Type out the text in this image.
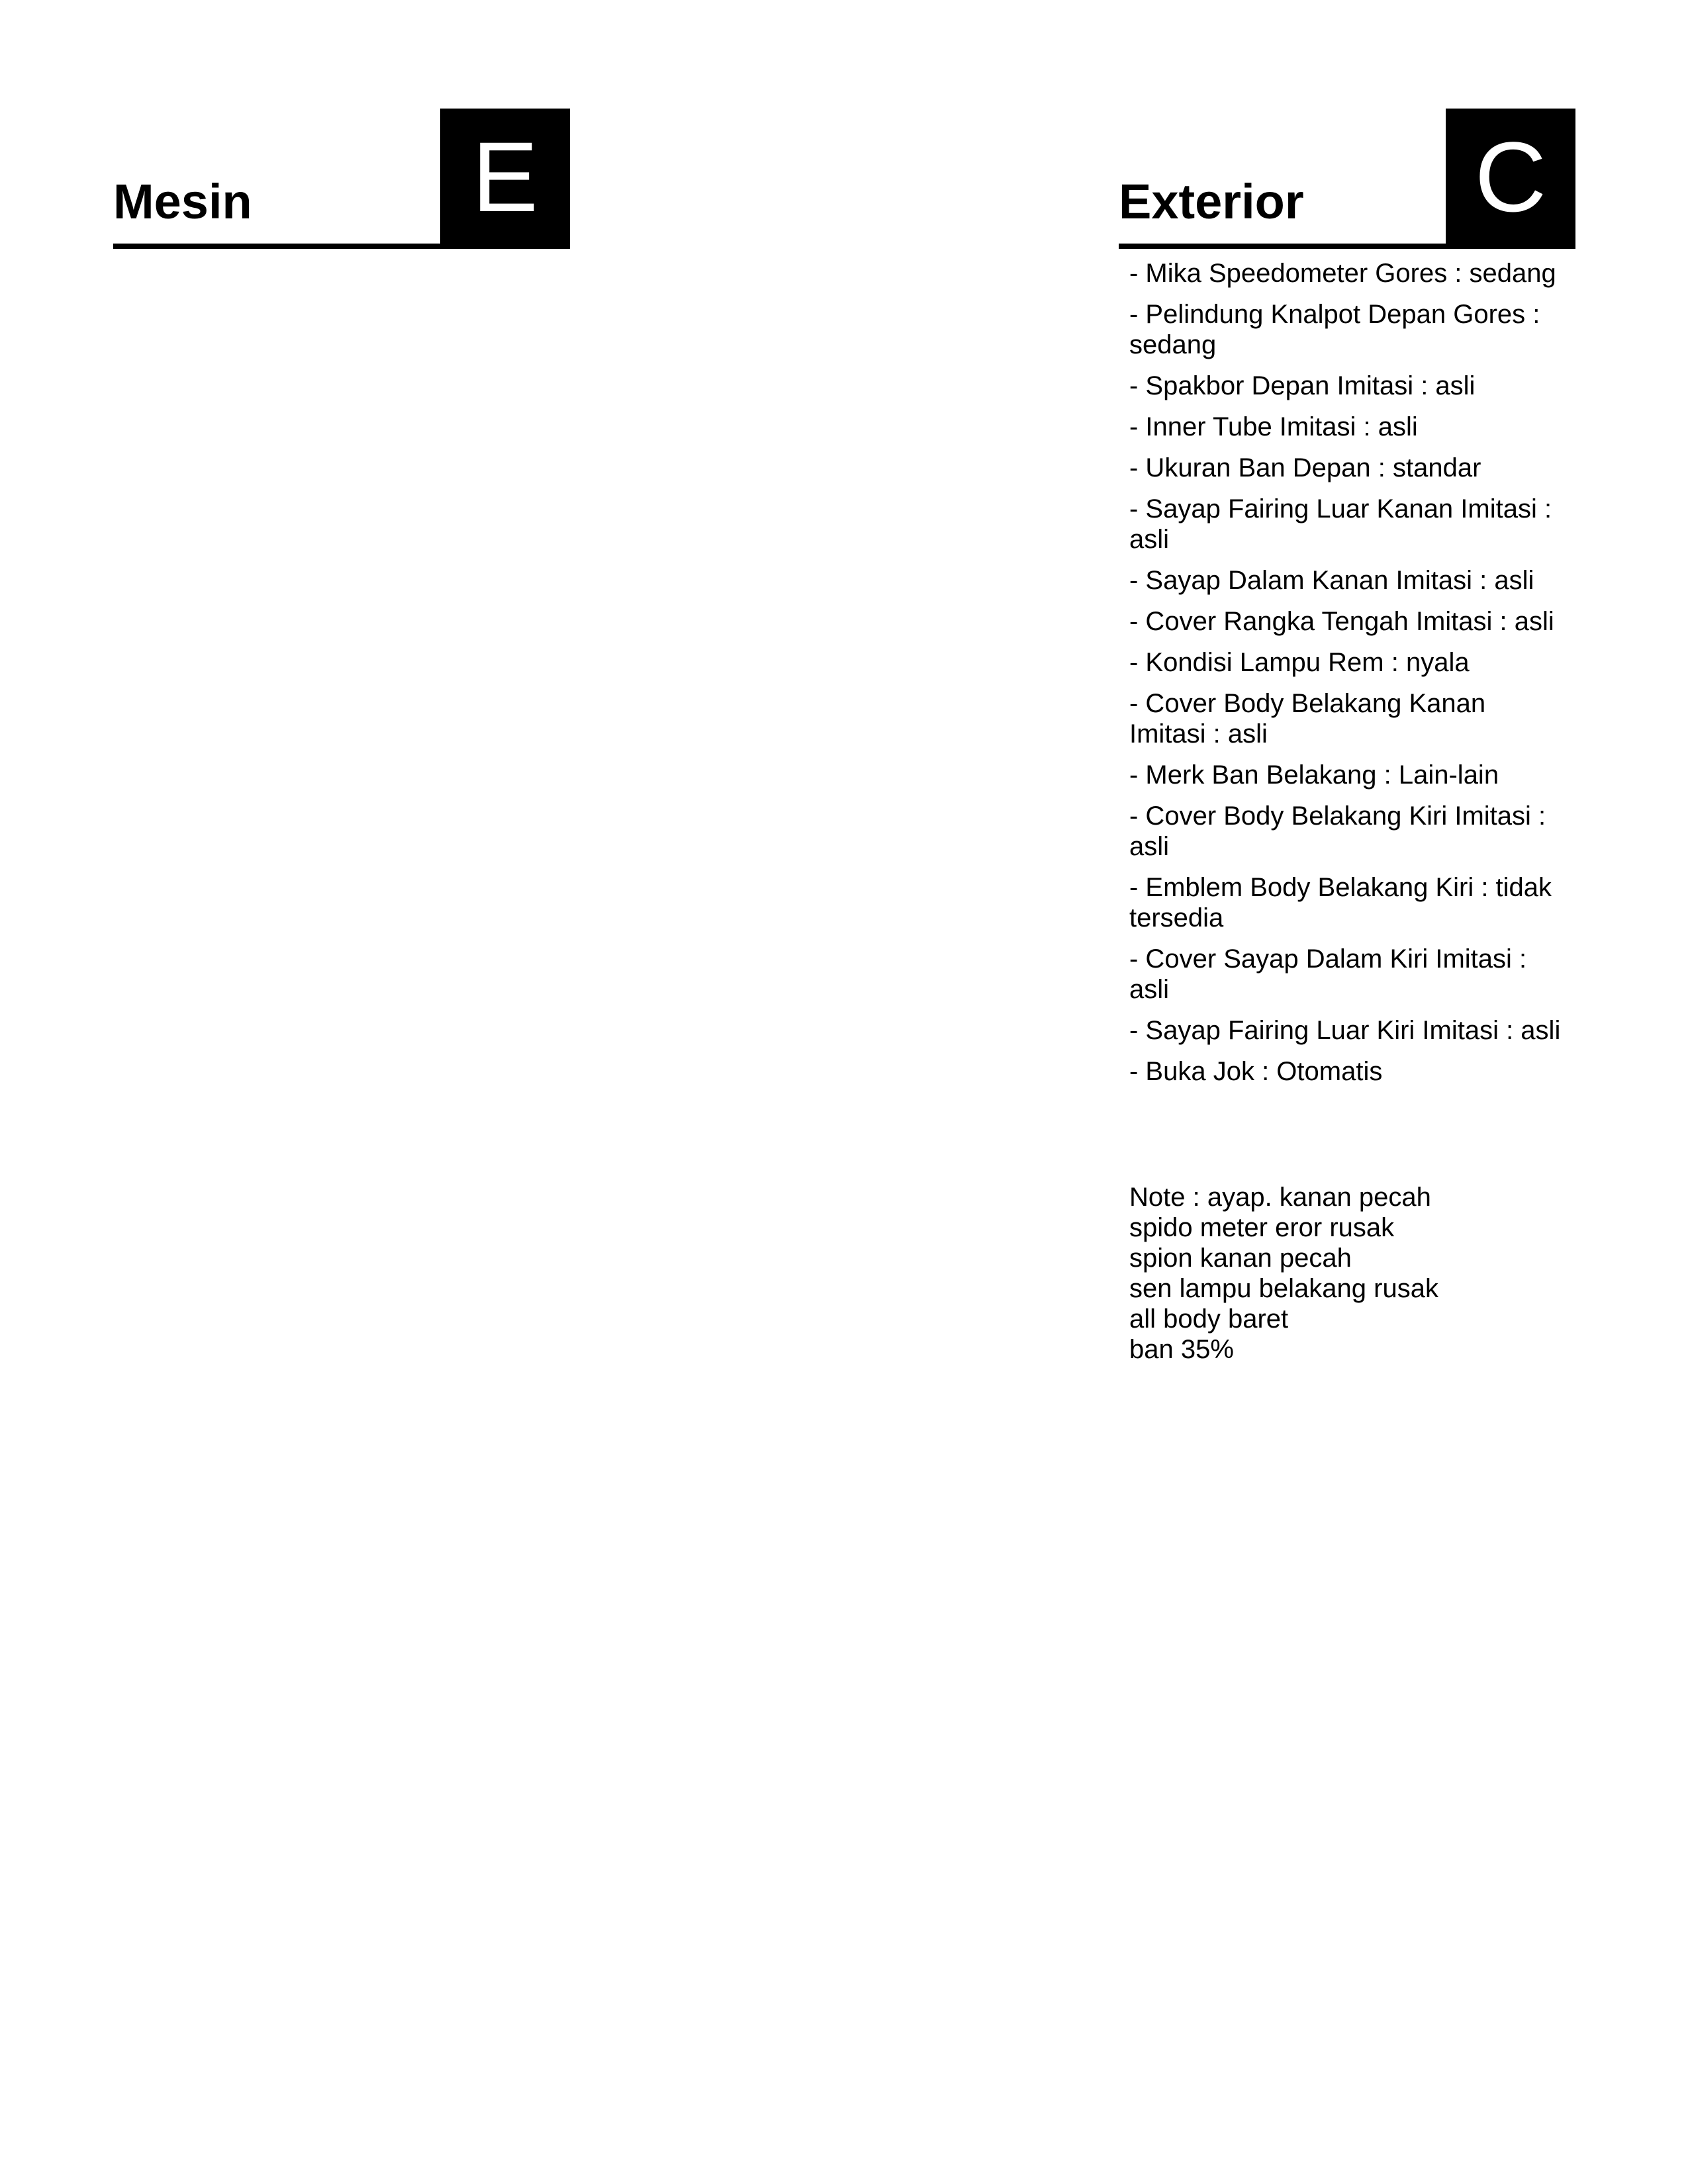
Mesin	E	Exterior C
- Mika Speedometer Gores : sedang
- Pelindung Knalpot Depan Gores : sedang
- Spakbor Depan Imitasi : asli
- Inner Tube Imitasi : asli
- Ukuran Ban Depan : standar
- Sayap Fairing Luar Kanan Imitasi : asli
- Sayap Dalam Kanan Imitasi : asli
- Cover Rangka Tengah Imitasi : asli
- Kondisi Lampu Rem : nyala
- Cover Body Belakang Kanan Imitasi : asli
- Merk Ban Belakang : Lain-lain
- Cover Body Belakang Kiri Imitasi : asli
- Emblem Body Belakang Kiri : tidak tersedia
- Cover Sayap Dalam Kiri Imitasi : asli
- Sayap Fairing Luar Kiri Imitasi : asli
- Buka Jok : Otomatis
Note : ayap. kanan pecah
spido meter eror rusak
spion kanan pecah
sen lampu belakang rusak
all body baret
ban 35%
